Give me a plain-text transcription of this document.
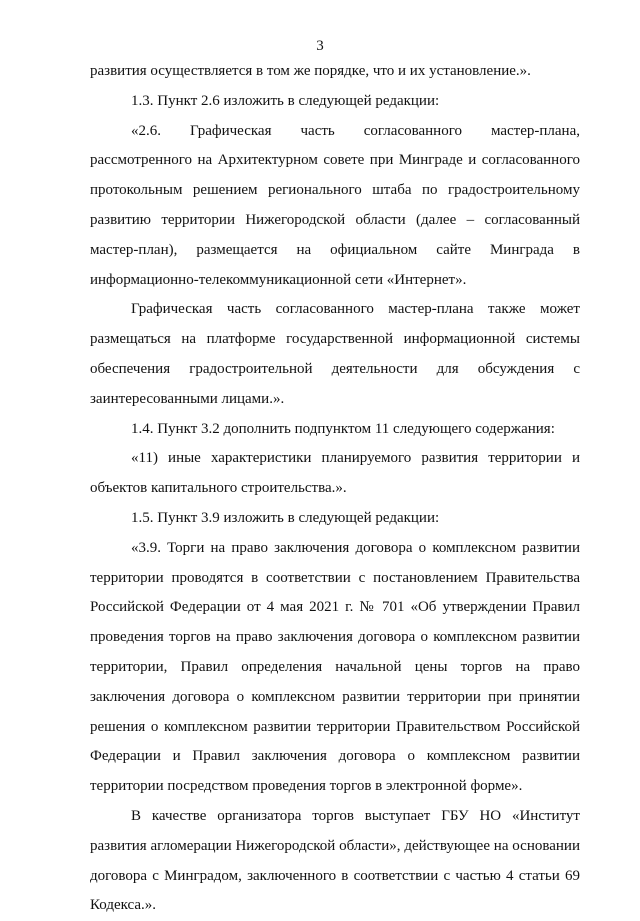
3

развития осуществляется в том же порядке, что и их установление.».

1.3. Пункт 2.6 изложить в следующей редакции:

«2.6. Графическая часть согласованного мастер-плана, рассмотренного на Архитектурном совете при Минграде и согласованного протокольным решением регионального штаба по градостроительному развитию территории Нижегородской области (далее – согласованный мастер-план), размещается на официальном сайте Минграда в информационно-телекоммуникационной сети «Интернет».

Графическая часть согласованного мастер-плана также может размещаться на платформе государственной информационной системы обеспечения градостроительной деятельности для обсуждения с заинтересованными лицами.».

1.4. Пункт 3.2 дополнить подпунктом 11 следующего содержания:

«11) иные характеристики планируемого развития территории и объектов капитального строительства.».

1.5. Пункт 3.9 изложить в следующей редакции:

«3.9. Торги на право заключения договора о комплексном развитии территории проводятся в соответствии с постановлением Правительства Российской Федерации от 4 мая 2021 г. № 701 «Об утверждении Правил проведения торгов на право заключения договора о комплексном развитии территории, Правил определения начальной цены торгов на право заключения договора о комплексном развитии территории при принятии решения о комплексном развитии территории Правительством Российской Федерации и Правил заключения договора о комплексном развитии территории посредством проведения торгов в электронной форме».

В качестве организатора торгов выступает ГБУ НО «Институт развития агломерации Нижегородской области», действующее на основании договора с Минградом, заключенного в соответствии с частью 4 статьи 69 Кодекса.».
